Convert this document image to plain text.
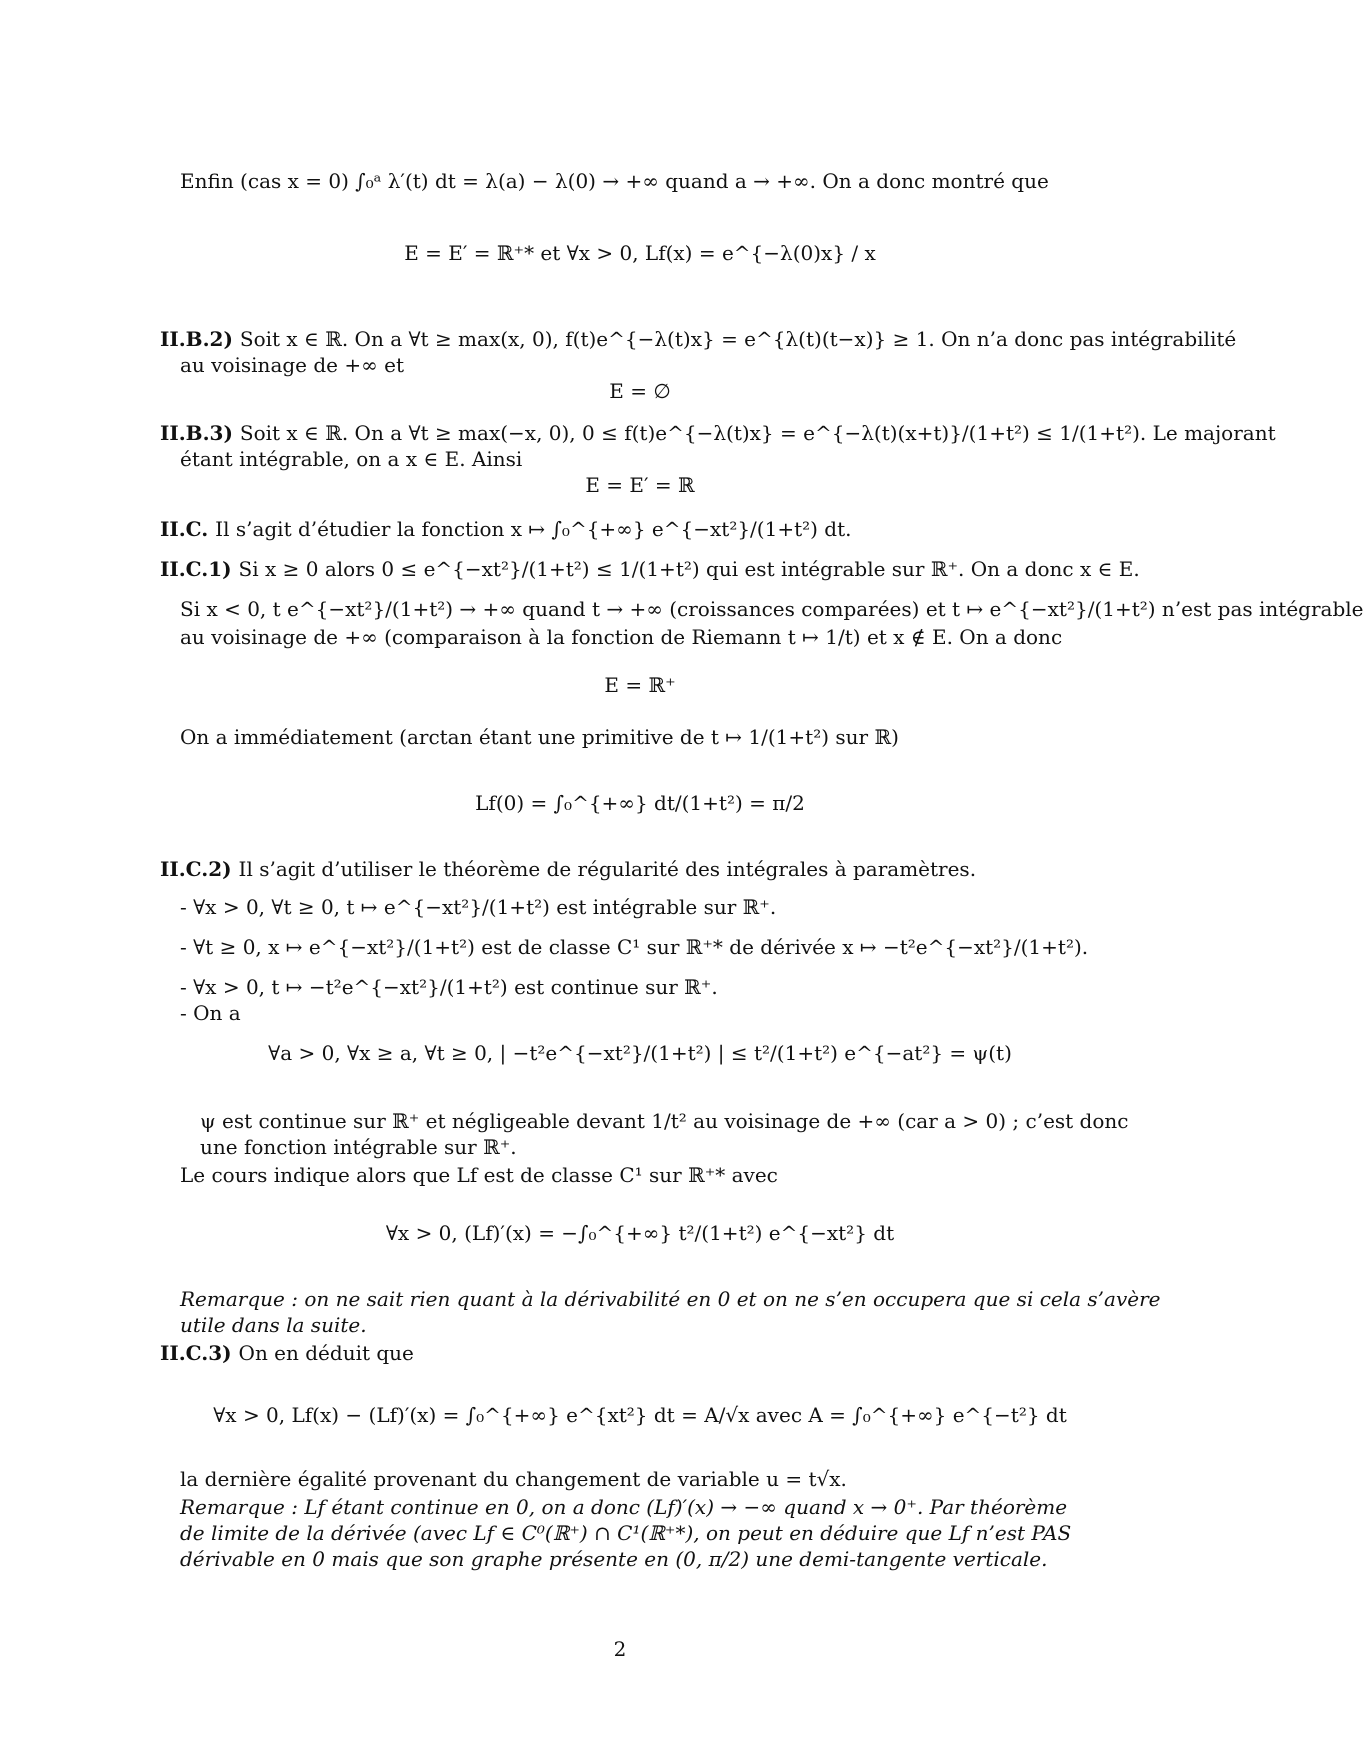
Enfin (cas x = 0) ∫₀ᵃ λ′(t) dt = λ(a) − λ(0) → +∞ quand a → +∞. On a donc montré que
II.B.2) Soit x ∈ ℝ. On a ∀t ≥ max(x, 0), f(t)e^{−λ(t)x} = e^{λ(t)(t−x)} ≥ 1. On n’a donc pas intégrabilité
au voisinage de +∞ et
II.B.3) Soit x ∈ ℝ. On a ∀t ≥ max(−x, 0), 0 ≤ f(t)e^{−λ(t)x} = e^{−λ(t)(x+t)}/(1+t²) ≤ 1/(1+t²). Le majorant
étant intégrable, on a x ∈ E. Ainsi
II.C. Il s’agit d’étudier la fonction x ↦ ∫₀^{+∞} e^{−xt²}/(1+t²) dt.
II.C.1) Si x ≥ 0 alors 0 ≤ e^{−xt²}/(1+t²) ≤ 1/(1+t²) qui est intégrable sur ℝ⁺. On a donc x ∈ E.
Si x < 0, t e^{−xt²}/(1+t²) → +∞ quand t → +∞ (croissances comparées) et t ↦ e^{−xt²}/(1+t²) n’est pas intégrable
au voisinage de +∞ (comparaison à la fonction de Riemann t ↦ 1/t) et x ∉ E. On a donc
On a immédiatement (arctan étant une primitive de t ↦ 1/(1+t²) sur ℝ)
II.C.2) Il s’agit d’utiliser le théorème de régularité des intégrales à paramètres.
- ∀x > 0, ∀t ≥ 0, t ↦ e^{−xt²}/(1+t²) est intégrable sur ℝ⁺.
- ∀t ≥ 0, x ↦ e^{−xt²}/(1+t²) est de classe C¹ sur ℝ⁺* de dérivée x ↦ −t²e^{−xt²}/(1+t²).
- ∀x > 0, t ↦ −t²e^{−xt²}/(1+t²) est continue sur ℝ⁺.
- On a
ψ est continue sur ℝ⁺ et négligeable devant 1/t² au voisinage de +∞ (car a > 0) ; c’est donc
une fonction intégrable sur ℝ⁺.
Le cours indique alors que Lf est de classe C¹ sur ℝ⁺* avec
Remarque : on ne sait rien quant à la dérivabilité en 0 et on ne s’en occupera que si cela s’avère
utile dans la suite.
II.C.3) On en déduit que
la dernière égalité provenant du changement de variable u = t√x.
Remarque : Lf étant continue en 0, on a donc (Lf)′(x) → −∞ quand x → 0⁺. Par théorème
de limite de la dérivée (avec Lf ∈ C⁰(ℝ⁺) ∩ C¹(ℝ⁺*), on peut en déduire que Lf n’est PAS
dérivable en 0 mais que son graphe présente en (0, π/2) une demi-tangente verticale.
E = E′ = ℝ⁺* et ∀x > 0, Lf(x) = e^{−λ(0)x} / x
E = ∅
E = E′ = ℝ
E = ℝ⁺
Lf(0) = ∫₀^{+∞} dt/(1+t²) = π/2
∀a > 0, ∀x ≥ a, ∀t ≥ 0, | −t²e^{−xt²}/(1+t²) | ≤ t²/(1+t²) e^{−at²} = ψ(t)
∀x > 0, (Lf)′(x) = −∫₀^{+∞} t²/(1+t²) e^{−xt²} dt
∀x > 0, Lf(x) − (Lf)′(x) = ∫₀^{+∞} e^{xt²} dt = A/√x avec A = ∫₀^{+∞} e^{−t²} dt
2
